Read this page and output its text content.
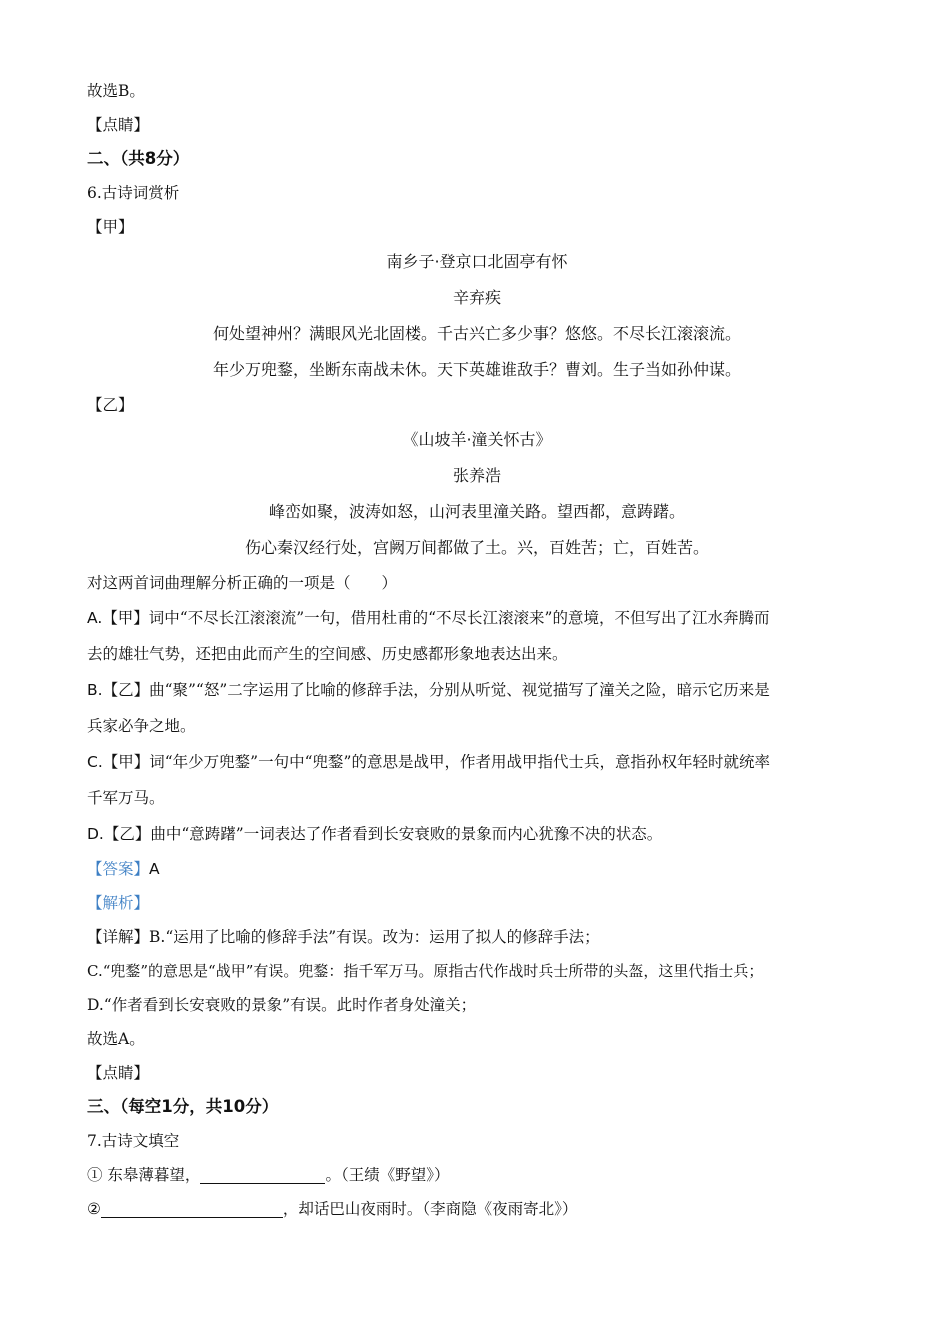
故选B。
【点睛】
二、（共8分）
6.古诗词赏析
【甲】
南乡子·登京口北固亭有怀
辛弃疾
何处望神州？满眼风光北固楼。千古兴亡多少事？悠悠。不尽长江滚滚流。
年少万兜鍪，坐断东南战未休。天下英雄谁敌手？曹刘。生子当如孙仲谋。
【乙】
《山坡羊·潼关怀古》
张养浩
峰峦如聚，波涛如怒，山河表里潼关路。望西都，意踌躇。
伤心秦汉经行处，宫阙万间都做了土。兴，百姓苦；亡，百姓苦。
对这两首词曲理解分析正确的一项是（　　）
A.【甲】词中“不尽长江滚滚流”一句，借用杜甫的“不尽长江滚滚来”的意境，不但写出了江水奔腾而
去的雄壮气势，还把由此而产生的空间感、历史感都形象地表达出来。
B.【乙】曲“聚”“怒”二字运用了比喻的修辞手法，分别从听觉、视觉描写了潼关之险，暗示它历来是
兵家必争之地。
C.【甲】词“年少万兜鍪”一句中“兜鍪”的意思是战甲，作者用战甲指代士兵，意指孙权年轻时就统率
千军万马。
D.【乙】曲中“意踌躇”一词表达了作者看到长安衰败的景象而内心犹豫不决的状态。
【答案】A
【解析】
【详解】B.“运用了比喻的修辞手法”有误。改为：运用了拟人的修辞手法；
C.“兜鍪”的意思是“战甲”有误。兜鍪：指千军万马。原指古代作战时兵士所带的头盔，这里代指士兵；
D.“作者看到长安衰败的景象”有误。此时作者身处潼关；
故选A。
【点睛】
三、（每空1分，共10分）
7.古诗文填空
① 东皋薄暮望，	。（王绩《野望》）
②	，却话巴山夜雨时。（李商隐《夜雨寄北》）
